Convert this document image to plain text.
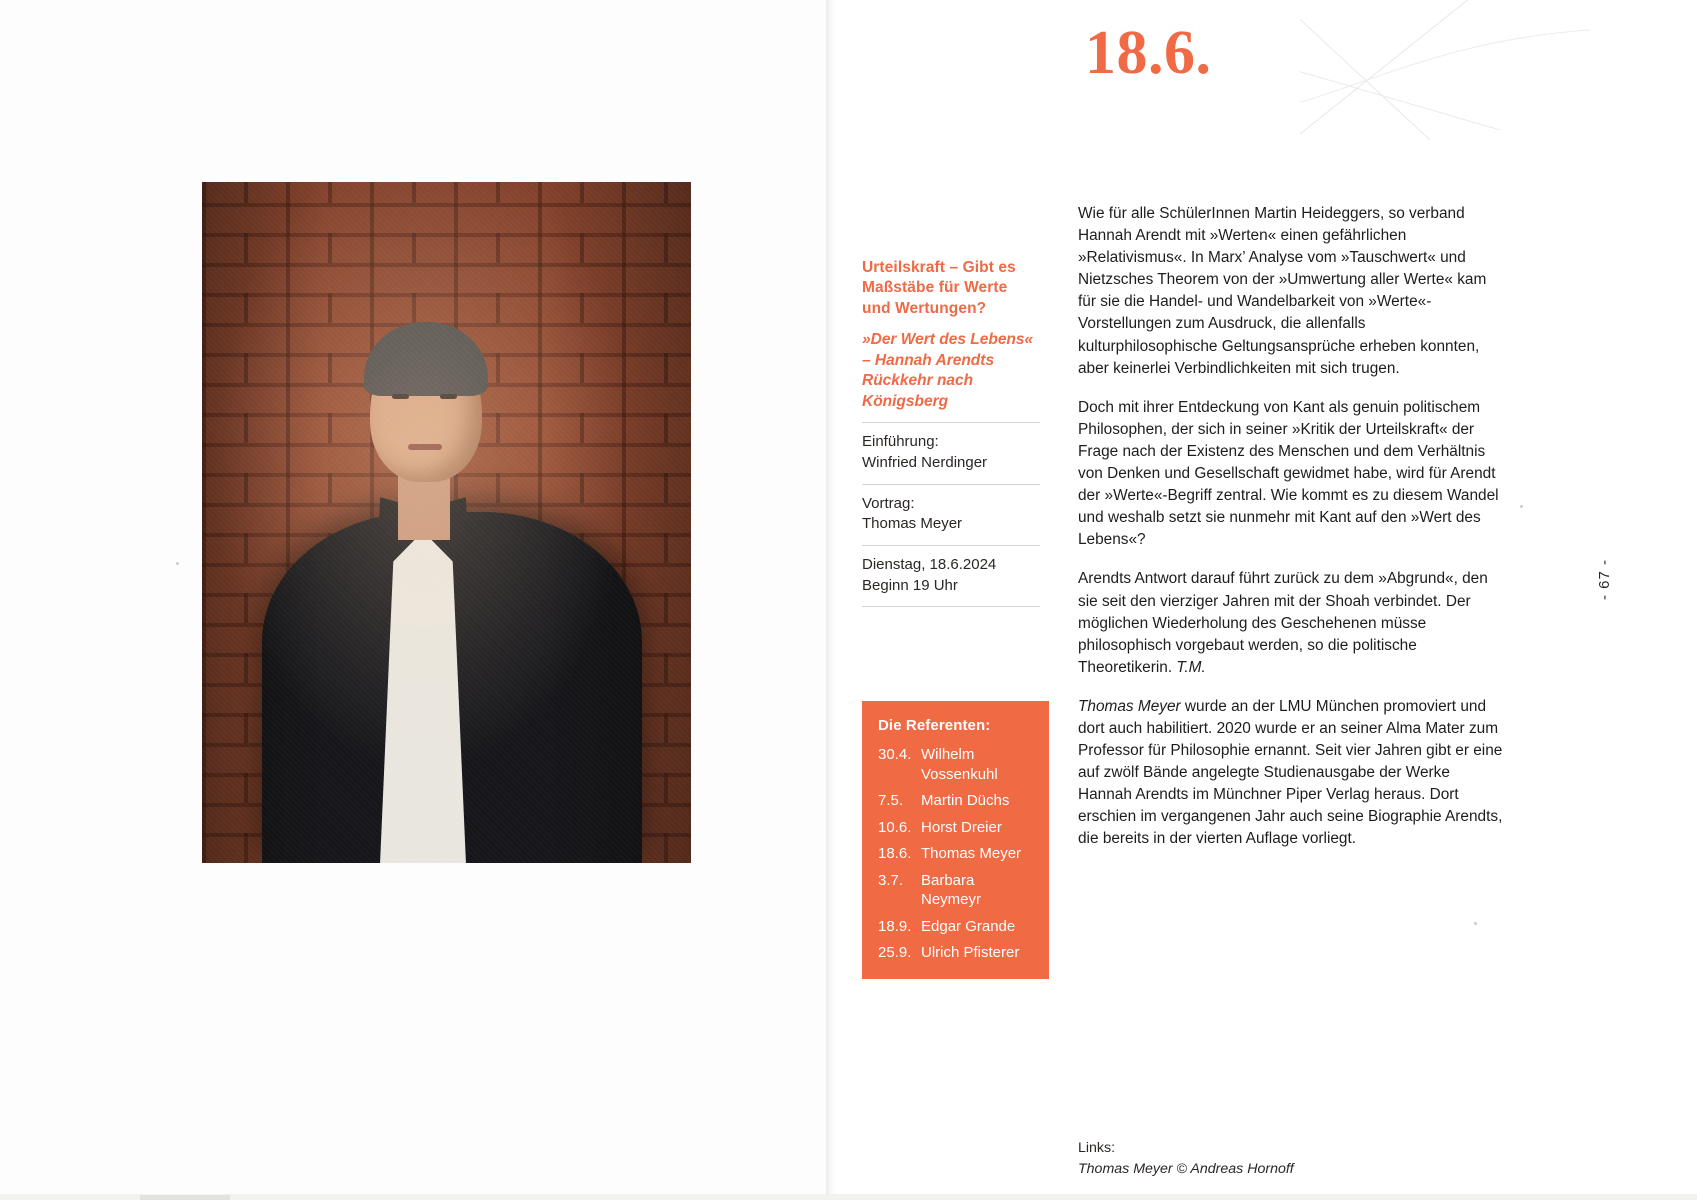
Urteilskraft – Gibt es Maßstäbe für Werte und Wertungen?
»Der Wert des Lebens« – Hannah Arendts Rückkehr nach Königsberg
Einführung:
Winfried Nerdinger
Vortrag:
Thomas Meyer
Dienstag, 18.6.2024
Beginn 19 Uhr
Die Referenten:
30.4. Wilhelm Vossenkuhl
7.5.	Martin Düchs
10.6. Horst Dreier
18.6. Thomas Meyer
3.7.	Barbara Neymeyr
18.9. Edgar Grande
25.9. Ulrich Pfisterer
18.6.

Wie für alle SchülerInnen Martin Heideggers, so verband Hannah Arendt mit »Werten« einen gefährlichen »Relativismus«. In Marx’ Analyse vom »Tauschwert« und Nietzsches Theorem von der »Umwertung aller Werte« kam für sie die Handel- und Wandelbarkeit von »Werte«-Vorstellungen zum Ausdruck, die allenfalls kulturphilosophische Geltungsansprüche erheben konnten, aber keinerlei Verbindlichkeiten mit sich trugen.

Doch mit ihrer Entdeckung von Kant als genuin politischem Philosophen, der sich in seiner »Kritik der Urteilskraft« der Frage nach der Existenz des Menschen und dem Verhältnis von Denken und Gesellschaft gewidmet habe, wird für Arendt der »Werte«-Begriff zentral. Wie kommt es zu diesem Wandel und weshalb setzt sie nunmehr mit Kant auf den »Wert des Lebens«?

Arendts Antwort darauf führt zurück zu dem »Abgrund«, den sie seit den vierziger Jahren mit der Shoah verbindet. Der möglichen Wiederholung des Geschehenen müsse philosophisch vorgebaut werden, so die politische Theoretikerin. T.M.

Thomas Meyer wurde an der LMU München promoviert und dort auch habilitiert. 2020 wurde er an seiner Alma Mater zum Professor für Philosophie ernannt. Seit vier Jahren gibt er eine auf zwölf Bände angelegte Studienausgabe der Werke Hannah Arendts im Münchner Piper Verlag heraus. Dort erschien im vergangenen Jahr auch seine Biographie Arendts, die bereits in der vierten Auflage vorliegt.

- 67 -
Links:
Thomas Meyer © Andreas Hornoff
